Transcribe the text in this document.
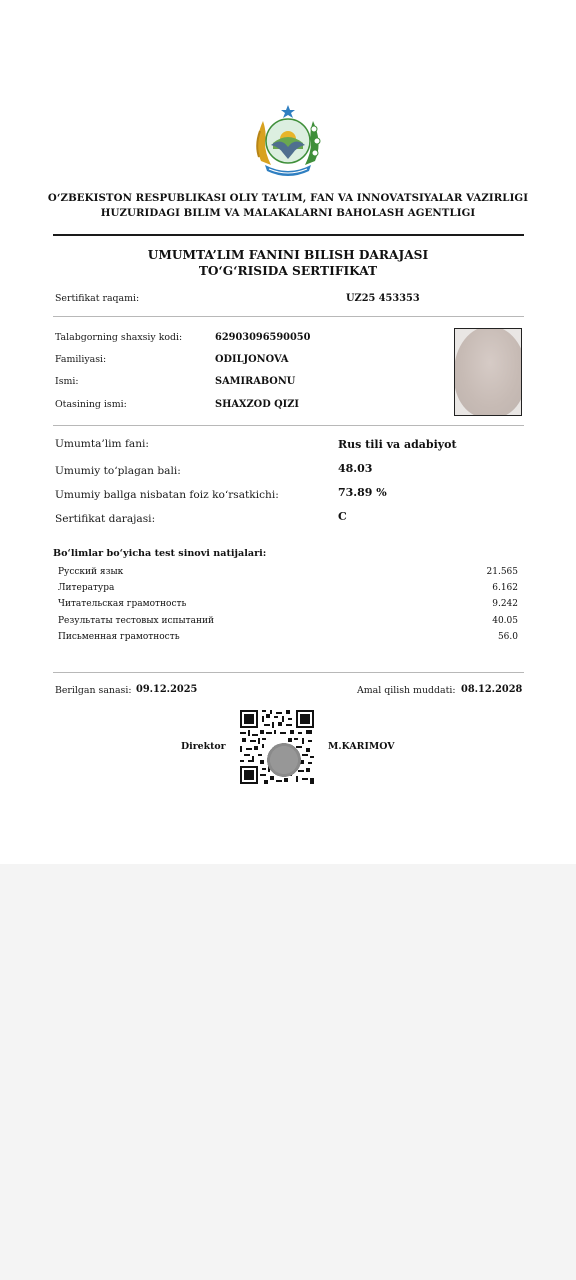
O‘ZBEKISTON RESPUBLIKASI OLIY TA’LIM, FAN VA INNOVATSIYALAR VAZIRLIGI
HUZURIDAGI BILIM VA MALAKALARNI BAHOLASH AGENTLIGI
UMUMTA’LIM FANINI BILISH DARAJASI
TO‘G‘RISIDA SERTIFIKAT
Sertifikat raqami:	UZ25 453353
Talabgorning shaxsiy kodi:	62903096590050
Familiyasi:	ODILJONOVA
Ismi:	SAMIRABONU
Otasining ismi:	SHAXZOD QIZI
Umumta’lim fani:	Rus tili va adabiyot
Umumiy to‘plagan bali:	48.03
Umumiy ballga nisbatan foiz ko‘rsatkichi:	73.89 %
Sertifikat darajasi:	C
Bo‘limlar bo‘yicha test sinovi natijalari:
Русский язык	21.565
Литература	6.162
Читательская грамотность	9.242
Результаты тестовых испытаний	40.05
Письменная грамотность	56.0
Berilgan sanasi: 09.12.2025	Amal qilish muddati: 08.12.2028
Direktor	M.KARIMOV
